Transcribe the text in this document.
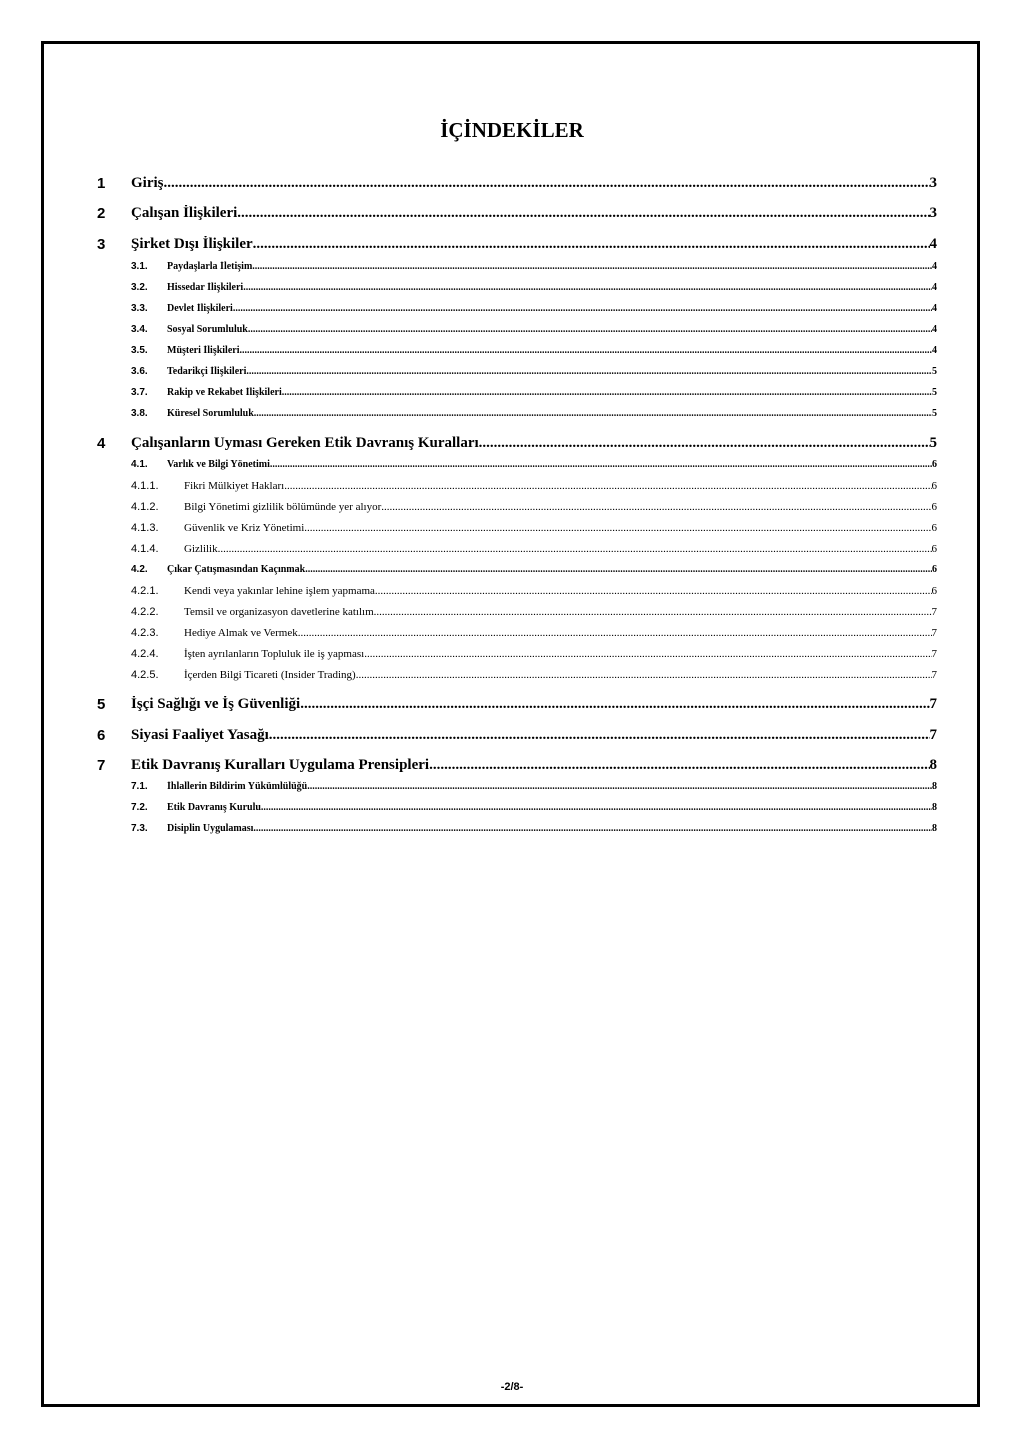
İÇİNDEKİLER
1 Giriş .....	3
2 Çalışan İlişkileri .....	3
3 Şirket Dışı İlişkiler .....	4
3.1. Paydaşlarla İletişim .....	4
3.2. Hissedar İlişkileri .....	4
3.3. Devlet İlişkileri .....	4
3.4. Sosyal Sorumluluk .....	4
3.5. Müşteri İlişkileri .....	4
3.6. Tedarikçi İlişkileri .....	5
3.7. Rakip ve Rekabet İlişkileri .....	5
3.8. Küresel Sorumluluk .....	5
4 Çalışanların Uyması Gereken Etik Davranış Kuralları .....	5
4.1. Varlık ve Bilgi Yönetimi .....	6
4.1.1. Fikri Mülkiyet Hakları .....	6
4.1.2. Bilgi Yönetimi gizlilik bölümünde yer alıyor .....	6
4.1.3. Güvenlik ve Kriz Yönetimi .....	6
4.1.4. Gizlilik .....	6
4.2. Çıkar Çatışmasından Kaçınmak .....	6
4.2.1. Kendi veya yakınlar lehine işlem yapmama .....	6
4.2.2. Temsil ve organizasyon davetlerine katılım .....	7
4.2.3. Hediye Almak ve Vermek .....	7
4.2.4. İşten ayrılanların Topluluk ile iş yapması .....	7
4.2.5. İçerden Bilgi Ticareti (Insider Trading) .....	7
5 İşçi Sağlığı ve İş Güvenliği .....	7
6 Siyasi Faaliyet Yasağı .....	7
7 Etik Davranış Kuralları Uygulama Prensipleri .....	8
7.1. İhlallerin Bildirim Yükümlülüğü .....	8
7.2. Etik Davranış Kurulu .....	8
7.3. Disiplin Uygulaması .....	8
-2/8-
